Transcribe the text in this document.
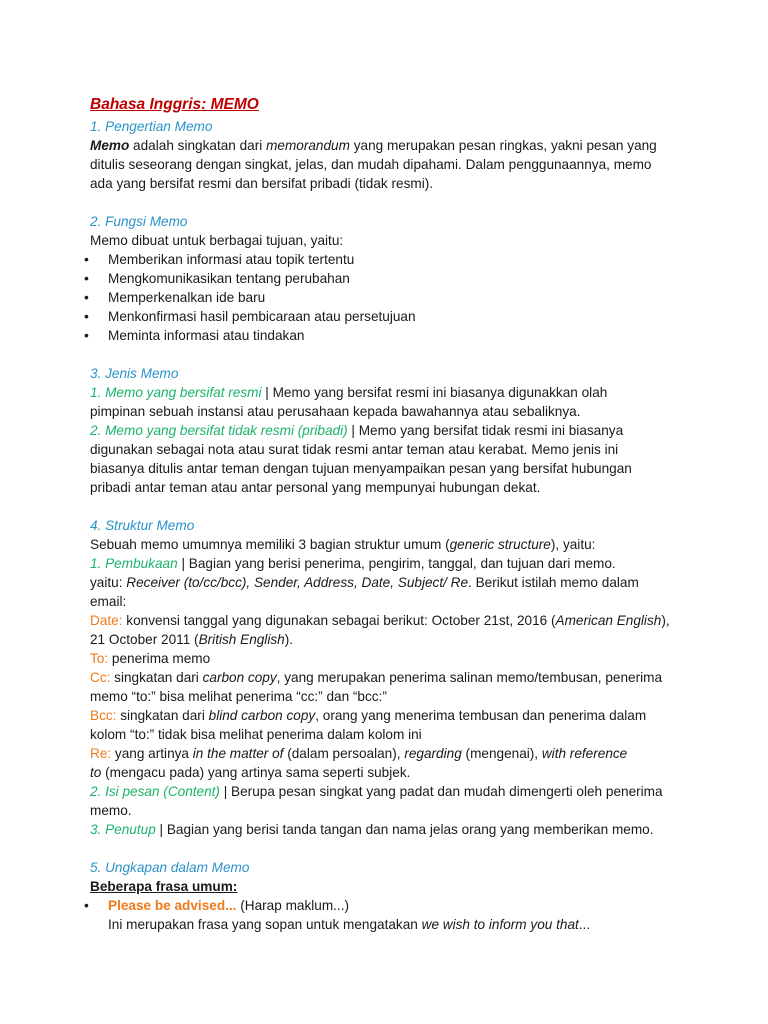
Bahasa Inggris: MEMO
1. Pengertian Memo
Memo adalah singkatan dari memorandum yang merupakan pesan ringkas, yakni pesan yang
ditulis seseorang dengan singkat, jelas, dan mudah dipahami. Dalam penggunaannya, memo
ada yang bersifat resmi dan bersifat pribadi (tidak resmi).
2. Fungsi Memo
Memo dibuat untuk berbagai tujuan, yaitu:
• Memberikan informasi atau topik tertentu
• Mengkomunikasikan tentang perubahan
• Memperkenalkan ide baru
• Menkonfirmasi hasil pembicaraan atau persetujuan
• Meminta informasi atau tindakan
3. Jenis Memo
1. Memo yang bersifat resmi | Memo yang bersifat resmi ini biasanya digunakkan olah
pimpinan sebuah instansi atau perusahaan kepada bawahannya atau sebaliknya.
2. Memo yang bersifat tidak resmi (pribadi) | Memo yang bersifat tidak resmi ini biasanya
digunakan sebagai nota atau surat tidak resmi antar teman atau kerabat. Memo jenis ini
biasanya ditulis antar teman dengan tujuan menyampaikan pesan yang bersifat hubungan
pribadi antar teman atau antar personal yang mempunyai hubungan dekat.
4. Struktur Memo
Sebuah memo umumnya memiliki 3 bagian struktur umum (generic structure), yaitu:
1. Pembukaan | Bagian yang berisi penerima, pengirim, tanggal, dan tujuan dari memo.
yaitu: Receiver (to/cc/bcc), Sender, Address, Date, Subject/ Re. Berikut istilah memo dalam
email:
Date: konvensi tanggal yang digunakan sebagai berikut: October 21st, 2016 (American English),
21 October 2011 (British English).
To: penerima memo
Cc: singkatan dari carbon copy, yang merupakan penerima salinan memo/tembusan, penerima
memo “to:” bisa melihat penerima “cc:” dan “bcc:”
Bcc: singkatan dari blind carbon copy, orang yang menerima tembusan dan penerima dalam
kolom “to:” tidak bisa melihat penerima dalam kolom ini
Re: yang artinya in the matter of (dalam persoalan), regarding (mengenai), with reference
to (mengacu pada) yang artinya sama seperti subjek.
2. Isi pesan (Content) | Berupa pesan singkat yang padat dan mudah dimengerti oleh penerima
memo.
3. Penutup | Bagian yang berisi tanda tangan dan nama jelas orang yang memberikan memo.
5. Ungkapan dalam Memo
Beberapa frasa umum:
• Please be advised... (Harap maklum...)
Ini merupakan frasa yang sopan untuk mengatakan we wish to inform you that...
